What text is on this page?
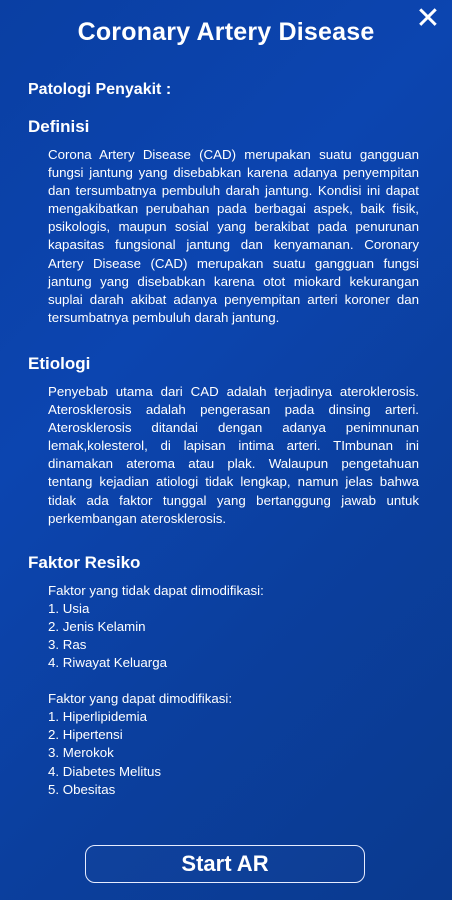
✕
Coronary Artery Disease
Patologi Penyakit :
Definisi

Corona Artery Disease (CAD) merupakan suatu gangguan fungsi jantung yang disebabkan karena adanya penyempitan dan tersumbatnya pembuluh darah jantung. Kondisi ini dapat mengakibatkan perubahan pada berbagai aspek, baik fisik, psikologis, maupun sosial yang berakibat pada penurunan kapasitas fungsional jantung dan kenyamanan. Coronary Artery Disease (CAD) merupakan suatu gangguan fungsi jantung yang disebabkan karena otot miokard kekurangan suplai darah akibat adanya penyempitan arteri koroner dan tersumbatnya pembuluh darah jantung.

Etiologi

Penyebab utama dari CAD adalah terjadinya ateroklerosis. Aterosklerosis adalah pengerasan pada dinsing arteri. Aterosklerosis ditandai dengan adanya penimnunan lemak,kolesterol, di lapisan intima arteri. TImbunan ini dinamakan ateroma atau plak. Walaupun pengetahuan tentang kejadian atiologi tidak lengkap, namun jelas bahwa tidak ada faktor tunggal yang bertanggung jawab untuk perkembangan aterosklerosis.

Faktor Resiko
Faktor yang tidak dapat dimodifikasi:
1. Usia
2. Jenis Kelamin
3. Ras
4. Riwayat Keluarga
Faktor yang dapat dimodifikasi:
1. Hiperlipidemia
2. Hipertensi
3. Merokok
4. Diabetes Melitus
5. Obesitas
Start AR
